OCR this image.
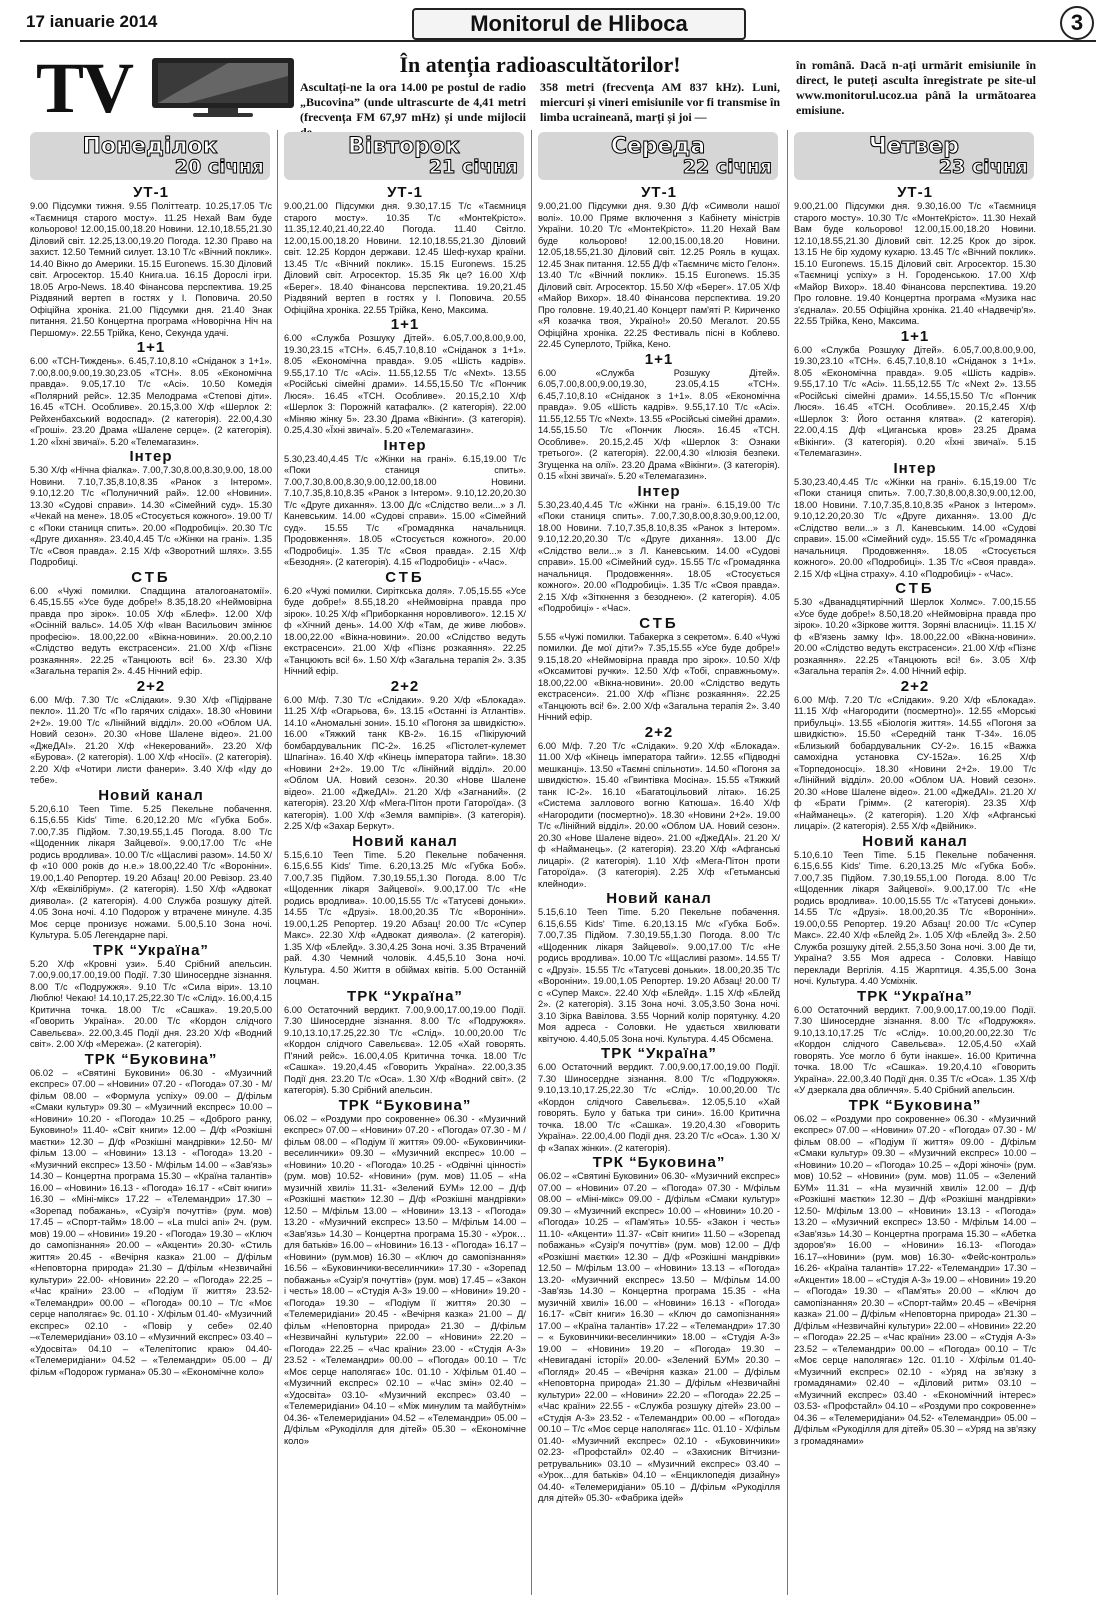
17 ianuarie 2014	Monitorul de Hliboca	3
TV	În atenția radioascultătorilor!
Ascultați-ne la ora 14.00 pe postul de radio „Bucovina” (unde ultrascurte de 4,41 metri (frecvența FM 67,97 mHz) și unde mijlocii
358 metri (frecvența AM 837 kHz). Luni, miercuri și vineri emisiunile vor fi transmise în limba ucraineană, marți și joi —
în română. Dacă n-ați urmărit emisiunile în direct, le puteți asculta înregistrate pe site-ul www.monitorul.ucoz.ua până la următoarea emisiune.
Понеділок
20 січня
Вівторок
21 січня
Середа
22 січня
Четвер
23 січня
УТ-1

9.00 Підсумки тижня. 9.55 Політтеатр. 10.25,17.05 Т/с «Таємниця старого мосту». 11.25 Нехай Вам буде кольорово! 12.00,15.00,18.20 Новини. 12.10,18.55,21.30 Діловий світ. 12.25,13.00,19.20 Погода. 12.30 Право на захист. 12.50 Темний силует. 13.10 Т/с «Вічний поклик». 14.40 Вікно до Америки. 15.15 Euronews. 15.30 Діловий світ. Агросектор. 15.40 Книга.ua. 16.15 Дорослі ігри. 18.05 Агро-News. 18.40 Фінансова перспектива. 19.25 Різдвяний вертеп в гостях у І. Поповича. 20.50 Офіційна хроніка. 21.00 Підсумки дня. 21.40 Знак питання. 21.50 Концертна програма «Новорічна Ніч на Першому». 22.55 Трійка, Кено, Секунда удачі.

1+1

6.00 «ТСН-Тиждень». 6.45,7.10,8.10 «Сніданок з 1+1». 7.00,8.00,9.00,19.30,23.05 «ТСН». 8.05 «Економічна правда». 9.05,17.10 Т/с «Асі». 10.50 Комедія «Полярний рейс». 12.35 Мелодрама «Степові діти». 16.45 «ТСН. Особливе». 20.15,3.00 Х/ф «Шерлок 2: Рейхенбахський водоспад». (2 категорія). 22.00,4.30 «Гроші». 23.20 Драма «Шалене серце». (2 категорія). 1.20 «Їхні звичаї». 5.20 «Телемагазин».

Інтер

5.30 Х/ф «Нічна фіалка». 7.00,7.30,8.00,8.30,9.00, 18.00 Новини. 7.10,7.35,8.10,8.35 «Ранок з Інтером». 9.10,12.20 Т/с «Полуничний рай». 12.00 «Новини». 13.30 «Судові справи». 14.30 «Сімейний суд». 15.30 «Чекай на мене». 18.05 «Стосується кожного». 19.00 Т/с «Поки станиця спить». 20.00 «Подробиці». 20.30 Т/с «Друге дихання». 23.40,4.45 Т/с «Жінки на грані». 1.35 Т/с «Своя правда». 2.15 Х/ф «Зворотний шлях». 3.55 Подробиці.

СТБ

6.00 «Чужі помилки. Спадщина аталогоанатомії». 6.45,15.55 «Усе буде добре!» 8.35,18.20 «Неймовірна правда про зірок». 10.05 Х/ф «Блеф». 12.00 Х/ф «Осінній вальс». 14.05 Х/ф «Іван Васильович змінює професію». 18.00,22.00 «Вікна-новини». 20.00,2.10 «Слідство ведуть екстрасенси». 21.00 Х/ф «Пізнє розкаяння». 22.25 «Танцюють всі! 6». 23.30 Х/ф «Загальна терапія 2». 4.45 Нічний ефір.

2+2

6.00 М/ф. 7.30 Т/с «Слідаки». 9.30 Х/ф «Підірване пекло». 11.20 Т/с «По гарячих слідах». 18.30 «Новини 2+2». 19.00 Т/с «Лінійний відділ». 20.00 «Облом UA. Новий сезон». 20.30 «Нове Шалене відео». 21.00 «ДжеДАІ». 21.20 Х/ф «Некерований». 23.20 Х/ф «Бурова». (2 категорія). 1.00 Х/ф «Носії». (2 категорія). 2.20 Х/ф «Чотири листи фанери». 3.40 Х/ф «Іду до тебе».

Новий канал

5.20,6.10 Teen Time. 5.25 Пекельне побачення. 6.15,6.55 Kids' Time. 6.20,12.20 М/с «Губка Боб». 7.00,7.35 Підйом. 7.30,19.55,1.45 Погода. 8.00 Т/с «Щоденник лікаря Зайцевої». 9.00,17.00 Т/с «Не родись вродлива». 10.00 Т/с «Щасливі разом». 14.50 Х/ф «10 000 років до н.е.» 18.00,22.40 Т/с «Вороніни». 19.00,1.40 Репортер. 19.20 Абзац! 20.00 Ревізор. 23.40 Х/ф «Еквілібріум». (2 категорія). 1.50 Х/ф «Адвокат диявола». (2 категорія). 4.00 Служба розшуку дітей. 4.05 Зона ночі. 4.10 Подорож у втрачене минуле. 4.35 Моє серце пронизує ножами. 5.00,5.10 Зона ночі. Культура. 5.05 Легендарне парі.

ТРК “Україна”

5.20 Х/ф «Кровні узи». 5.40 Срібний апельсин. 7.00,9.00,17.00,19.00 Події. 7.30 Шиносердне зізнання. 8.00 Т/с «Подружжя». 9.10 Т/с «Сила віри». 13.10 Люблю! Чекаю! 14.10,17.25,22.30 Т/с «Слід». 16.00,4.15 Критична точка. 18.00 Т/с «Сашка». 19.20,5.00 «Говорить Україна». 20.00 Т/с «Кордон слідчого Савельєва». 22.00,3.45 Події дня. 23.20 Х/ф «Водний світ». 2.00 Х/ф «Мережа». (2 категорія).

ТРК “Буковина”

06.02 – «Святині Буковини» 06.30 - «Музичний експрес» 07.00 – «Новини» 07.20 - «Погода» 07.30 - М/фільм 08.00 – «Формула успіху» 09.00 – Д/фільм «Смаки культур» 09.30 – «Музичний експрес» 10.00 – «Новини» 10.20 - «Погода» 10.25 – «Доброго ранку, Буковино!» 11.40- «Світ книги» 12.00 – Д/ф «Розкішні маєтки» 12.30 – Д/ф «Розкішні мандрівки» 12.50- М/фільм 13.00 – «Новини» 13.13 - «Погода» 13.20 - «Музичний експрес» 13.50 - М/фільм 14.00 – «Зав'язь» 14.30 – Концертна програма 15.30 – «Країна талантів» 16.00 – «Новини» 16.13 - «Погода» 16.17 - «Світ книги» 16.30 – «Міні-мікс» 17.22 – «Телемандри» 17.30 – «Зорепад побажань», «Сузір'я почуттів» (рум. мов) 17.45 – «Спорт-тайм» 18.00 – «La mulci ani» 2ч. (рум. мов) 19.00 – «Новини» 19.20 - «Погода» 19.30 – «Ключ до самопізнання» 20.00 – «Акценти» 20.30- «Стиль життя» 20.45 - «Вечірня казка» 21.00 – Д/фільм «Неповторна природа» 21.30 – Д/фільм «Незвичайні культури» 22.00- «Новини» 22.20 – «Погода» 22.25 – «Час країни» 23.00 – «Подіум її життя» 23.52- «Телемандри» 00.00 – «Погода» 00.10 – Т/с «Моє серце наполягає» 9с. 01.10 - Х/фільм 01.40- «Музичний експрес» 02.10 - «Повір у себе» 02.40 –«Телемеридіани» 03.10 – «Музичний експрес» 03.40 – «Удосвіта» 04.10 – «Телепітопис краю» 04.40- «Телемеридіани» 04.52 – «Телемандри» 05.00 – Д/фільм «Подорож гурмана» 05.30 – «Економічне коло»

УТ-1

9.00,21.00 Підсумки дня. 9.30,17.15 Т/с «Таємниця старого мосту». 10.35 Т/с «МонтеКрісто». 11.35,12.40,21.40,22.40 Погода. 11.40 Світло. 12.00,15.00,18.20 Новини. 12.10,18.55,21.30 Діловий світ. 12.25 Кордон держави. 12.45 Шеф-кухар країни. 13.45 Т/с «Вічний поклик». 15.15 Euronews. 15.25 Діловий світ. Агросектор. 15.35 Як це? 16.00 Х/ф «Берег». 18.40 Фінансова перспектива. 19.20,21.45 Різдвяний вертеп в гостях у І. Поповича. 20.55 Офіційна хроніка. 22.55 Трійка, Кено, Максима.

1+1

6.00 «Служба Розшуку Дітей». 6.05,7.00,8.00,9.00, 19.30,23.15 «ТСН». 6.45,7.10,8.10 «Сніданок з 1+1». 8.05 «Економічна правда». 9.05 «Шість кадрів». 9.55,17.10 Т/с «Асі». 11.55,12.55 Т/с «Next». 13.55 «Російські сімейні драми». 14.55,15.50 Т/с «Пончик Люся». 16.45 «ТСН. Особливе». 20.15,2.10 Х/ф «Шерлок 3: Порожній катафалк». (2 категорія). 22.00 «Міняю жінку 5». 23.30 Драма «Вікінги». (3 категорія). 0.25,4.30 «Їхні звичаї». 5.20 «Телемагазин».

Інтер

5.30,23.40,4.45 Т/с «Жінки на грані». 6.15,19.00 Т/с «Поки станиця спить». 7.00,7.30,8.00,8.30,9.00,12.00,18.00 Новини. 7.10,7.35,8.10,8.35 «Ранок з Інтером». 9.10,12.20,20.30 Т/с «Друге дихання». 13.00 Д/с «Слідство вели...» з Л. Каневським. 14.00 «Судові справи». 15.00 «Сімейний суд». 15.55 Т/с «Громадянка начальниця. Продовження». 18.05 «Стосується кожного». 20.00 «Подробиці». 1.35 Т/с «Своя правда». 2.15 Х/ф «Безодня». (2 категорія). 4.15 «Подробиці» - «Час».

СТБ

6.20 «Чужі помилки. Сиріткська доля». 7.05,15.55 «Усе буде добре!» 8.55,18.20 «Неймовірна правда про зірок». 10.25 Х/ф «Приборкання норовливого». 12.15 Х/ф «Хічний день». 14.00 Х/ф «Там, де живе любов». 18.00,22.00 «Вікна-новини». 20.00 «Слідство ведуть екстрасенси». 21.00 Х/ф «Пізнє розкаяння». 22.25 «Танцюють всі! 6». 1.50 Х/ф «Загальна терапія 2». 3.35 Нічний ефір.

2+2

6.00 М/ф. 7.30 Т/с «Слідаки». 9.20 Х/ф «Блокада». 11.25 Х/ф «Огарьова, 6». 13.15 «Останні із Атлантів». 14.10 «Аномальні зони». 15.10 «Погоня за швидкістю». 16.00 «Тяжкий танк КВ-2». 16.15 «Пікіруючий бомбардувальник ПС-2». 16.25 «Пістолет-кулемет Шпагіна». 16.40 Х/ф «Кінець імператора тайги». 18.30 «Новини 2+2». 19.00 Т/с «Лінійний відділ». 20.00 «Облом UA. Новий сезон». 20.30 «Нове Шалене відео». 21.00 «ДжеДАІ». 21.20 Х/ф «Загнаний». (2 категорія). 23.20 Х/ф «Мега-Пітон проти Гатороїда». (3 категорія). 1.00 Х/ф «Земля вампірів». (3 категорія). 2.25 Х/ф «Захар Беркут».

Новий канал

5.15,6.10 Teen Time. 5.20 Пекельне побачення. 6.15,6.55 Kids' Time. 6.20,13.25 М/с «Губка Боб». 7.00,7.35 Підйом. 7.30,19.55,1.30 Погода. 8.00 Т/с «Щоденник лікаря Зайцевої». 9.00,17.00 Т/с «Не родись вродлива». 10.00,15.55 Т/с «Татусеві доньки». 14.55 Т/с «Друзі». 18.00,20.35 Т/с «Вороніни». 19.00,1.25 Репортер. 19.20 Абзац! 20.00 Т/с «Супер Макс». 22.30 Х/ф «Адвокат диявола». (2 категорія). 1.35 Х/ф «Блейд». 3.30,4.25 Зона ночі. 3.35 Втрачений рай. 4.30 Чемний чоловік. 4.45,5.10 Зона ночі. Культура. 4.50 Життя в обіймах квітів. 5.00 Останній лоцман.

ТРК “Україна”

6.00 Остаточний вердикт. 7.00,9.00,17.00,19.00 Події. 7.30 Шиносердне зізнання. 8.00 Т/с «Подружжя». 9.10,13.10,17.25,22.30 Т/с «Слід». 10.00,20.00 Т/с «Кордон слідчого Савельєва». 12.05 «Хай говорять. П'яний рейс». 16.00,4.05 Критична точка. 18.00 Т/с «Сашка». 19.20,4.45 «Говорить Україна». 22.00,3.35 Події дня. 23.20 Т/с «Оса». 1.30 Х/ф «Водний світ». (2 категорія). 5.30 Срібний апельсин.

ТРК “Буковина”

06.02 – «Роздуми про сокровенне» 06.30 - «Музичний експрес» 07.00 – «Новини» 07.20 - «Погода» 07.30 - М /фільм 08.00 – «Подіум її життя» 09.00- «Буковинчики-веселинчики» 09.30 – «Музичний експрес» 10.00 – «Новини» 10.20 - «Погода» 10.25 - «Одвічні цінності» (рум. мов) 10.52- «Новини» (рум. мов) 11.05 – «На музичній хвилі» 11.31- «Зелений БУМ» 12.00 – Д/ф «Розкішні маєтки» 12.30 – Д/ф «Розкішні мандрівки» 12.50 – М/фільм 13.00 – «Новини» 13.13 - «Погода» 13.20 - «Музичний експрес» 13.50 – М/фільм 14.00 – «Зав'язь» 14.30 – Концертна програма 15.30 - «Урок… для батьків» 16.00 – «Новини» 16.13 - «Погода» 16.17 – «Новини» (рум.мов) 16.30 – «Ключ до самопізнання» 16.56 – «Буковинчики-веселинчики» 17.30 - «Зорепад побажань» «Сузір'я почуттів» (рум. мов) 17.45 – «Закон і честь» 18.00 – «Студія А-3» 19.00 – «Новини» 19.20 - «Погода» 19.30 – «Подіум її життя» 20.30 – «Телемеридіани» 20.45 - «Вечірня казка» 21.00 – Д/фільм «Неповторна природа» 21.30 – Д/фільм «Незвичайні культури» 22.00 – «Новини» 22.20 – «Погода» 22.25 – «Час країни» 23.00 - «Студія А-3» 23.52 - «Телемандри» 00.00 – «Погода» 00.10 – Т/с «Моє серце наполягає» 10с. 01.10 - Х/фільм 01.40 – «Музичний експрес» 02.10 – «Час змін» 02.40 – «Удосвіта» 03.10- «Музичний експрес» 03.40 – «Телемеридіани» 04.10 – «Між минулим та майбутнім» 04.36- «Телемеридіани» 04.52 – «Телемандри» 05.00 – Д/фільм «Рукоділля для дітей» 05.30 – «Економічне коло»

УТ-1

9.00,21.00 Підсумки дня. 9.30 Д/ф «Символи нашої волі». 10.00 Пряме включення з Кабінету міністрів України. 10.20 Т/с «МонтеКрісто». 11.20 Нехай Вам буде кольорово! 12.00,15.00,18.20 Новини. 12.05,18.55,21.30 Діловий світ. 12.25 Рояль в кущах. 12.45 Знак питання. 12.55 Д/ф «Таємничє місто Гелон». 13.40 Т/с «Вічний поклик». 15.15 Euronews. 15.35 Діловий світ. Агросектор. 15.50 Х/ф «Берег». 17.05 Х/ф «Майор Вихор». 18.40 Фінансова перспектива. 19.20 Про головне. 19.40,21.40 Концерт пам'яті Р. Кириченко «Я козачка твоя, Україно!» 20.50 Мегалот. 20.55 Офіційна хроніка. 22.25 Фестиваль пісні в Коблево. 22.45 Суперлото, Трійка, Кено.

1+1

6.00 «Служба Розшуку Дітей». 6.05,7.00,8.00,9.00,19.30, 23.05,4.15 «ТСН». 6.45,7.10,8.10 «Сніданок з 1+1». 8.05 «Економічна правда». 9.05 «Шість кадрів». 9.55,17.10 Т/с «Асі». 11.55,12.55 Т/с «Next». 13.55 «Російські сімейні драми». 14.55,15.50 Т/с «Пончик Люся». 16.45 «ТСН. Особливе». 20.15,2.45 Х/ф «Шерлок 3: Ознаки третього». (2 категорія). 22.00,4.30 «Ілюзія безпеки. Згущенка на олії». 23.20 Драма «Вікінги». (3 категорія). 0.15 «Їхні звичаї». 5.20 «Телемагазин».

Інтер

5.30,23.40,4.45 Т/с «Жінки на грані». 6.15,19.00 Т/с «Поки станиця спить». 7.00,7.30,8.00,8.30,9.00,12.00, 18.00 Новини. 7.10,7.35,8.10,8.35 «Ранок з Інтером». 9.10,12.20,20.30 Т/с «Друге дихання». 13.00 Д/с «Слідство вели...» з Л. Каневським. 14.00 «Судові справи». 15.00 «Сімейний суд». 15.55 Т/с «Громадянка начальниця. Продовження». 18.05 «Стосується кожного». 20.00 «Подробиці». 1.35 Т/с «Своя правда». 2.15 Х/ф «Зіткнення з безоднею». (2 категорія). 4.05 «Подробиці» - «Час».

СТБ

5.55 «Чужі помилки. Табакерка з секретом». 6.40 «Чужі помилки. Де мої діти?» 7.35,15.55 «Усе буде добре!» 9.15,18.20 «Неймовірна правда про зірок». 10.50 Х/ф «Оксамитові ручки». 12.50 Х/ф «Тобі, справжньому». 18.00,22.00 «Вікна-новини». 20.00 «Слідство ведуть екстрасенси». 21.00 Х/ф «Пізнє розкаяння». 22.25 «Танцюють всі! 6». 2.00 Х/ф «Загальна терапія 2». 3.40 Нічний ефір.

2+2

6.00 М/ф. 7.20 Т/с «Слідаки». 9.20 Х/ф «Блокада». 11.00 Х/ф «Кінець імператора тайги». 12.55 «Підводні мешканці». 13.50 «Таємні спільноти». 14.50 «Погоня за швидкістю». 15.40 «Гвинтівка Мосіна». 15.55 «Тяжкий танк ІС-2». 16.10 «Багатоцільовий літак». 16.25 «Система заллового вогню Катюша». 16.40 Х/ф «Нагородити (посмертно)». 18.30 «Новини 2+2». 19.00 Т/с «Лінійний відділ». 20.00 «Облом UA. Новий сезон». 20.30 «Нове Шалене відео». 21.00 «ДжеДАІ». 21.20 Х/ф «Найманець». (2 категорія). 23.20 Х/ф «Афганські лицарі». (2 категорія). 1.10 Х/ф «Мега-Пітон проти Гатороїда». (3 категорія). 2.25 Х/ф «Гетьманські клейноди».

Новий канал

5.15,6.10 Teen Time. 5.20 Пекельне побачення. 6.15,6.55 Kids' Time. 6.20,13.15 М/с «Губка Боб». 7.00,7.35 Підйом. 7.30,19.55,1.30 Погода. 8.00 Т/с «Щоденник лікаря Зайцевої». 9.00,17.00 Т/с «Не родись вродлива». 10.00 Т/с «Щасливі разом». 14.55 Т/с «Друзі». 15.55 Т/с «Татусеві доньки». 18.00,20.35 Т/с «Вороніни». 19.00,1.05 Репортер. 19.20 Абзац! 20.00 Т/с «Супер Макс». 22.40 Х/ф «Блейд». 1.15 Х/ф «Блейд 2». (2 категорія). 3.15 Зона ночі. 3.05,3.50 Зона ночі. 3.10 Зірка Вавілова. 3.55 Чорний колір порятунку. 4.20 Моя адреса - Соловки. Не удається хвилювати квітучою. 4.40,5.05 Зона ночі. Культура. 4.45 Обсмена.

ТРК “Україна”

6.00 Остаточний вердикт. 7.00,9.00,17.00,19.00 Події. 7.30 Шиносердне зізнання. 8.00 Т/с «Подружжя». 9.10,13.10,17.25,22.30 Т/с «Слід». 10.00,20.00 Т/с «Кордон слідчого Савельєва». 12.05,5.10 «Хай говорять. Було у батька три сини». 16.00 Критична точка. 18.00 Т/с «Сашка». 19.20,4.30 «Говорить Україна». 22.00,4.00 Події дня. 23.20 Т/с «Оса». 1.30 Х/ф «Запах жінки». (2 категорія).

ТРК “Буковина”

06.02 – «Святині Буковини» 06.30- «Музичний експрес» 07.00 – «Новини» 07.20 – «Погода» 07.30 - М/фільм 08.00 – «Міні-мікс» 09.00 - Д/фільм «Смаки культур» 09.30 – «Музичний експрес» 10.00 – «Новини» 10.20 - «Погода» 10.25 – «Пам'ять» 10.55- «Закон і честь» 11.10- «Акценти» 11.37- «Світ книги» 11.50 – «Зорепад побажань» «Сузір'я почуттів» (рум. мов) 12.00 – Д/ф «Розкішні маєтки» 12.30 – Д/ф «Розкішні мандрівки» 12.50 – М/фільм 13.00 – «Новини» 13.13 – «Погода» 13.20- «Музичний експрес» 13.50 – М/фільм 14.00 -Зав'язь 14.30 – Концертна програма 15.35 - «На музичній хвилі» 16.00 – «Новини» 16.13 - «Погода» 16.17- «Світ книги» 16.30 – «Ключ до самопізнання» 17.00 – «Країна талантів» 17.22 – «Телемандри» 17.30 – « Буковинчики-веселинчики» 18.00 – «Студія А-3» 19.00 – «Новини» 19.20 – «Погода» 19.30 – «Невигадані історії» 20.00- «Зелений БУМ» 20.30 – «Погляд» 20.45 – «Вечірня казка» 21.00 – Д/фільм «Неповторна природа» 21.30 – Д/фільм «Незвичайні культури» 22.00 – «Новини» 22.20 – «Погода» 22.25 – «Час країни» 22.55 - «Служба розшуку дітей» 23.00 – «Студія А-3» 23.52 - «Телемандри» 00.00 – «Погода» 00.10 – Т/с «Моє серце наполягає» 11с. 01.10 - Х/фільм 01.40- «Музичний експрес» 02.10 - «Буковинчики» 02.23- «Профстайл» 02.40 – «Захисник Вітчизни-ретрувальник» 03.10 – «Музичний експрес» 03.40 – «Урок…для батьків» 04.10 – «Енциклопедія дизайну» 04.40- «Телемеридіани» 05.10 – Д/фільм «Рукоділля для дітей» 05.30- «Фабрика ідей»

УТ-1

9.00,21.00 Підсумки дня. 9.30,16.00 Т/с «Таємниця старого мосту». 10.30 Т/с «МонтеКрісто». 11.30 Нехай Вам буде кольорово! 12.00,15.00,18.20 Новини. 12.10,18.55,21.30 Діловий світ. 12.25 Крок до зірок. 13.15 Не бір худому кухарю. 13.45 Т/с «Вічний поклик». 15.10 Euronews. 15.15 Діловий світ. Агросектор. 15.30 «Таємниці успіху» з Н. Городенською. 17.00 Х/ф «Майор Вихор». 18.40 Фінансова перспектива. 19.20 Про головне. 19.40 Концертна програма «Музика нас з'єднала». 20.55 Офіційна хроніка. 21.40 «Надвечір'я». 22.55 Трійка, Кено, Максима.

1+1

6.00 «Служба Розшуку Дітей». 6.05,7.00,8.00,9.00, 19.30,23.10 «ТСН». 6.45,7.10,8.10 «Сніданок з 1+1». 8.05 «Економічна правда». 9.05 «Шість кадрів». 9.55,17.10 Т/с «Асі». 11.55,12.55 Т/с «Next 2». 13.55 «Російські сімейні драми». 14.55,15.50 Т/с «Пончик Люся». 16.45 «ТСН. Особливе». 20.15,2.45 Х/ф «Шерлок 3: Його остання клятва». (2 категорія). 22.00,4.15 Д/ф «Циганська кров» 23.25 Драма «Вікінги». (3 категорія). 0.20 «Їхні звичаї». 5.15 «Телемагазин».

Інтер

5.30,23.40,4.45 Т/с «Жінки на грані». 6.15,19.00 Т/с «Поки станиця спить». 7.00,7.30,8.00,8.30,9.00,12.00, 18.00 Новини. 7.10,7.35,8.10,8.35 «Ранок з Інтером». 9.10,12.20,20.30 Т/с «Друге дихання». 13.00 Д/с «Слідство вели...» з Л. Каневським. 14.00 «Судові справи». 15.00 «Сімейний суд». 15.55 Т/с «Громадянка начальниця. Продовження». 18.05 «Стосується кожного». 20.00 «Подробиці». 1.35 Т/с «Своя правда». 2.15 Х/ф «Ціна страху». 4.10 «Подробиці» - «Час».

СТБ

5.30 «Дванадцятирічний Шерлок Холмс». 7.00,15.55 «Усе буде добре!» 8.50,18.20 «Неймовірна правда про зірок». 10.20 «Зіркове життя. Зоряні власниці». 11.15 Х/ф «В'язень замку Іф». 18.00,22.00 «Вікна-новини». 20.00 «Слідство ведуть екстрасенси». 21.00 Х/ф «Пізнє розкаяння». 22.25 «Танцюють всі! 6». 3.05 Х/ф «Загальна терапія 2». 4.00 Нічний ефір.

2+2

6.00 М/ф. 7.20 Т/с «Слідаки». 9.20 Х/ф «Блокада». 11.15 Х/ф «Нагородити (посмертно)». 12.55 «Морські прибульці». 13.55 «Біологія життя». 14.55 «Погоня за швидкістю». 15.50 «Середній танк Т-34». 16.05 «Близький бобардувальник СУ-2». 16.15 «Важка самохідна установка СУ-152а». 16.25 Х/ф «Торпедоносці». 18.30 «Новини 2+2». 19.00 Т/с «Лінійний відділ». 20.00 «Облом UA. Новий сезон». 20.30 «Нове Шалене відео». 21.00 «ДжеДАІ». 21.20 Х/ф «Брати Грімм». (2 категорія). 23.35 Х/ф «Найманець». (2 категорія). 1.20 Х/ф «Афганські лицарі». (2 категорія). 2.55 Х/ф «Двійник».

Новий канал

5.10,6.10 Teen Time. 5.15 Пекельне побачення. 6.15,6.55 Kids' Time. 6.20,13.25 М/с «Губка Боб». 7.00,7.35 Підйом. 7.30,19.55,1.00 Погода. 8.00 Т/с «Щоденник лікаря Зайцевої». 9.00,17.00 Т/с «Не родись вродлива». 10.00,15.55 Т/с «Татусеві доньки». 14.55 Т/с «Друзі». 18.00,20.35 Т/с «Вороніни». 19.00,0.55 Репортер. 19.20 Абзац! 20.00 Т/с «Супер Макс». 22.40 Х/ф «Блейд 2». 1.05 Х/ф «Блейд 3». 2.50 Служба розшуку дітей. 2.55,3.50 Зона ночі. 3.00 Де ти, Україна? 3.55 Моя адреса - Соловки. Навіщо переклади Вергілія. 4.15 Жарптиця. 4.35,5.00 Зона ночі. Культура. 4.40 Усміхнік.

ТРК “Україна”

6.00 Остаточний вердикт. 7.00,9.00,17.00,19.00 Події. 7.30 Шиносердне зізнання. 8.00 Т/с «Подружжя». 9.10,13.10,17.25 Т/с «Слід». 10.00,20.00,22.30 Т/с «Кордон слідчого Савельєва». 12.05,4.50 «Хай говорять. Усе могло б бути інакше». 16.00 Критична точка. 18.00 Т/с «Сашка». 19.20,4.10 «Говорить Україна». 22.00,3.40 Події дня. 0.35 Т/с «Оса». 1.35 Х/ф «У дзеркала два обличчя». 5.40 Срібний апельсин.

ТРК “Буковина”

06.02 – «Роздуми про сокровенне» 06.30 - «Музичний експрес» 07.00 – «Новини» 07.20 - «Погода» 07.30 - М/фільм 08.00 – «Подіум її життя» 09.00 - Д/фільм «Смаки культур» 09.30 – «Музичний експрес» 10.00 – «Новини» 10.20 – «Погода» 10.25 – «Дорі жіночі» (рум. мов) 10.52 – «Новини» (рум. мов) 11.05 – «Зелений БУМ» 11.31 – «На музичній хвилі» 12.00 – Д/ф «Розкішні маєтки» 12.30 – Д/ф «Розкішні мандрівки» 12.50- М/фільм 13.00 – «Новини» 13.13 - «Погода» 13.20 – «Музичний експрес» 13.50 - М/фільм 14.00 – «Зав'язь» 14.30 – Концертна програма 15.30 – «Абетка здоров'я» 16.00 – «Новини» 16.13- «Погода» 16.17–«Новини» (рум. мов) 16.30- «Фейс-контроль» 16.26- «Країна талантів» 17.22- «Телемандри» 17.30 – «Акценти» 18.00 – «Студія А-3» 19.00 – «Новини» 19.20 – «Погода» 19.30 – «Пам'ять» 20.00 – «Ключ до самопізнання» 20.30 – «Спорт-тайм» 20.45 – «Вечірня казка» 21.00 – Д/фільм «Неповторна природа» 21.30 – Д/фільм «Незвичайні культури» 22.00 – «Новини» 22.20 – «Погода» 22.25 – «Час країни» 23.00 – «Студія А-3» 23.52 – «Телемандри» 00.00 – «Погода» 00.10 – Т/с «Моє серце наполягає» 12с. 01.10 - Х/фільм 01.40- «Музичний експрес» 02.10 - «Уряд на зв'язку з громадянами» 02.40 – «Діловий ритм» 03.10 – «Музичний експрес» 03.40 - «Економічний інтерес» 03.53- «Профстайл» 04.10 – «Роздуми про сокровенне» 04.36 – «Телемеридіани» 04.52- «Телемандри» 05.00 – Д/фільм «Рукоділля для дітей» 05.30 – «Уряд на зв'язку з громадянами»
